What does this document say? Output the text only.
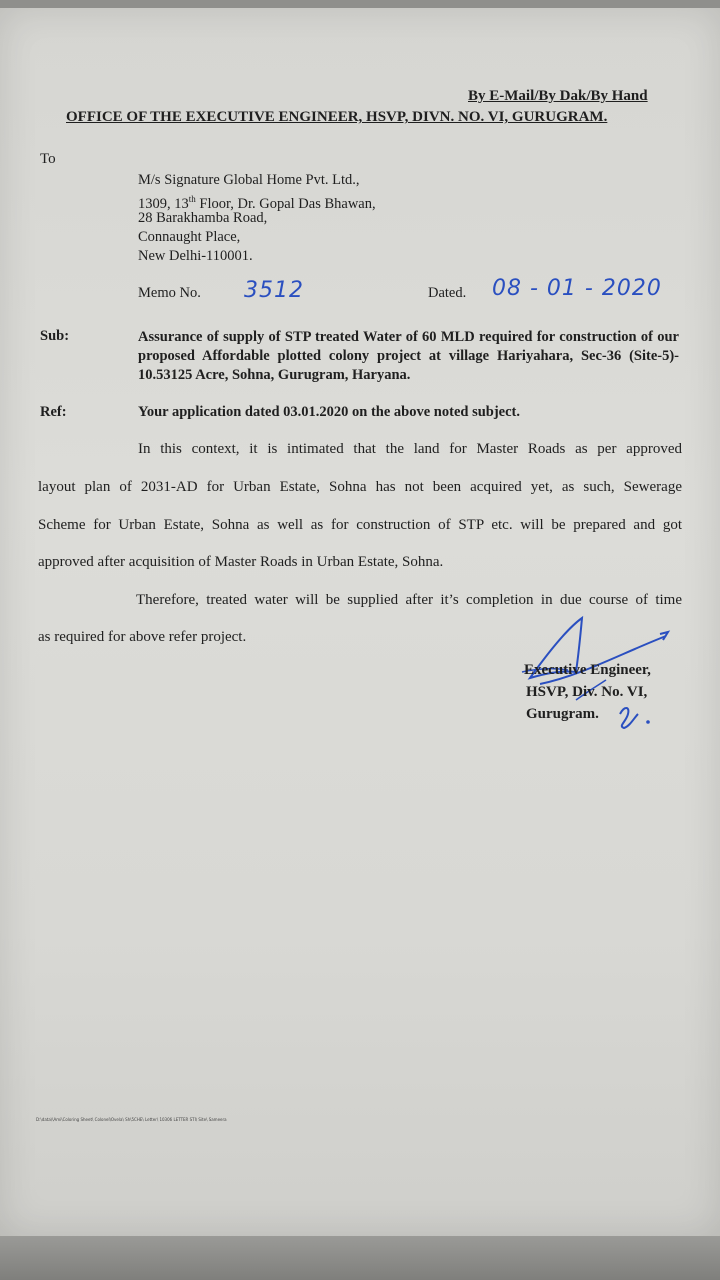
By E-Mail/By Dak/By Hand
OFFICE OF THE EXECUTIVE ENGINEER, HSVP, DIVN. NO. VI, GURUGRAM.
To
M/s Signature Global Home Pvt. Ltd.,
1309, 13th Floor, Dr. Gopal Das Bhawan,
28 Barakhamba Road,
Connaught Place,
New Delhi-110001.
Memo No. 3512	Dated. 08 - 01 - 2020
Sub:	Assurance of supply of STP treated Water of 60 MLD required for construction of our proposed Affordable plotted colony project at village Hariyahara, Sec-36 (Site-5)- 10.53125 Acre, Sohna, Gurugram, Haryana.
Ref:	Your application dated 03.01.2020 on the above noted subject.
In this context, it is intimated that the land for Master Roads as per approved
layout plan of 2031-AD for Urban Estate, Sohna has not been acquired yet, as such, Sewerage
Scheme for Urban Estate, Sohna as well as for construction of STP etc. will be prepared and got
approved after acquisition of Master Roads in Urban Estate, Sohna.
Therefore, treated water will be supplied after it’s completion in due course of time
as required for above refer project.
Executive Engineer,
HSVP, Div. No. VI,
Gurugram.
D:\data\\Ami\Coloring Sheet\ Colonel\Ovela\ Sh\5CHE\ Letter\ 10306 LETTER STI\ Site\ Sameera
